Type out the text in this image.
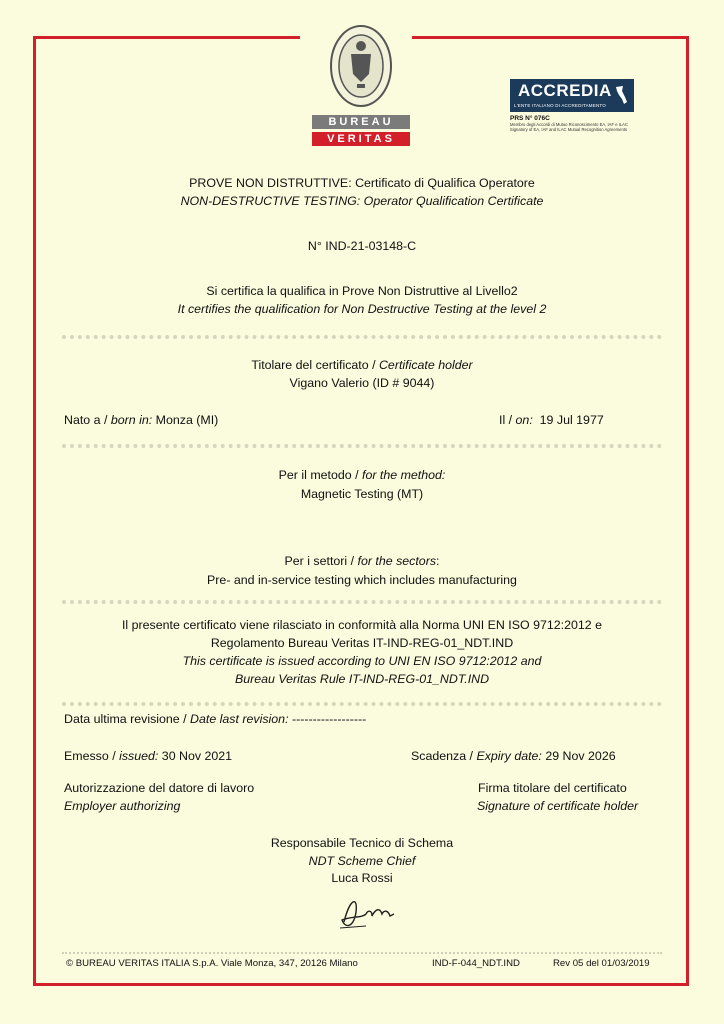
BUREAU
VERITAS
ACCREDIA
L'ENTE ITALIANO DI ACCREDITAMENTO
PRS N° 076C
Membro degli Accordi di Mutuo Riconoscimento EA, IAF e ILAC
Signatory of EA, IAF and ILAC Mutual Recognition Agreements
PROVE NON DISTRUTTIVE: Certificato di Qualifica Operatore
NON-DESTRUCTIVE TESTING: Operator Qualification Certificate
N° IND-21-03148-C
Si certifica la qualifica in Prove Non Distruttive al Livello2
It certifies the qualification for Non Destructive Testing at the level 2
Titolare del certificato / Certificate holder
Vigano Valerio (ID # 9044)
Nato a / born in: Monza (MI)	Il / on: 19 Jul 1977
Per il metodo / for the method:
Magnetic Testing (MT)
Per i settori / for the sectors:
Pre- and in-service testing which includes manufacturing
Il presente certificato viene rilasciato in conformità alla Norma UNI EN ISO 9712:2012 e
Regolamento Bureau Veritas IT-IND-REG-01_NDT.IND
This certificate is issued according to UNI EN ISO 9712:2012 and
Bureau Veritas Rule IT-IND-REG-01_NDT.IND
Data ultima revisione / Date last revision: ------------------
Emesso / issued: 30 Nov 2021	Scadenza / Expiry date: 29 Nov 2026
Autorizzazione del datore di lavoro
Employer authorizing
Firma titolare del certificato
Signature of certificate holder
Responsabile Tecnico di Schema
NDT Scheme Chief
Luca Rossi
© BUREAU VERITAS ITALIA S.p.A. Viale Monza, 347, 20126 Milano	IND-F-044_NDT.IND	Rev 05 del 01/03/2019
